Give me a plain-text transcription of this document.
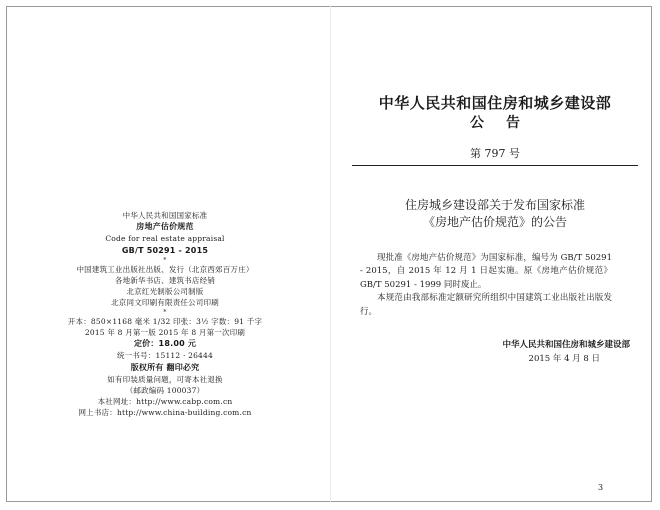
中华人民共和国国家标准
房地产估价规范
Code for real estate appraisal
GB/T 50291 - 2015
*
中国建筑工业出版社出版、发行（北京西郊百万庄）
各地新华书店、建筑书店经销
北京红光制版公司制版
北京同文印刷有限责任公司印刷
*
开本：850×1168 毫米 1/32 印张：3½ 字数：91 千字
2015 年 8 月第一版 2015 年 8 月第一次印刷
定价：18.00 元
统一书号：15112 · 26444
版权所有 翻印必究
如有印装质量问题，可寄本社退换
（邮政编码 100037）
本社网址：http://www.cabp.com.cn
网上书店：http://www.china-building.com.cn
中华人民共和国住房和城乡建设部
公告
第 797 号
住房城乡建设部关于发布国家标准
《房地产估价规范》的公告

现批准《房地产估价规范》为国家标准，编号为 GB/T 50291 - 2015，自 2015 年 12 月 1 日起实施。原《房地产估价规范》GB/T 50291 - 1999 同时废止。

本规范由我部标准定额研究所组织中国建筑工业出版社出版发行。

中华人民共和国住房和城乡建设部
2015 年 4 月 8 日
3
